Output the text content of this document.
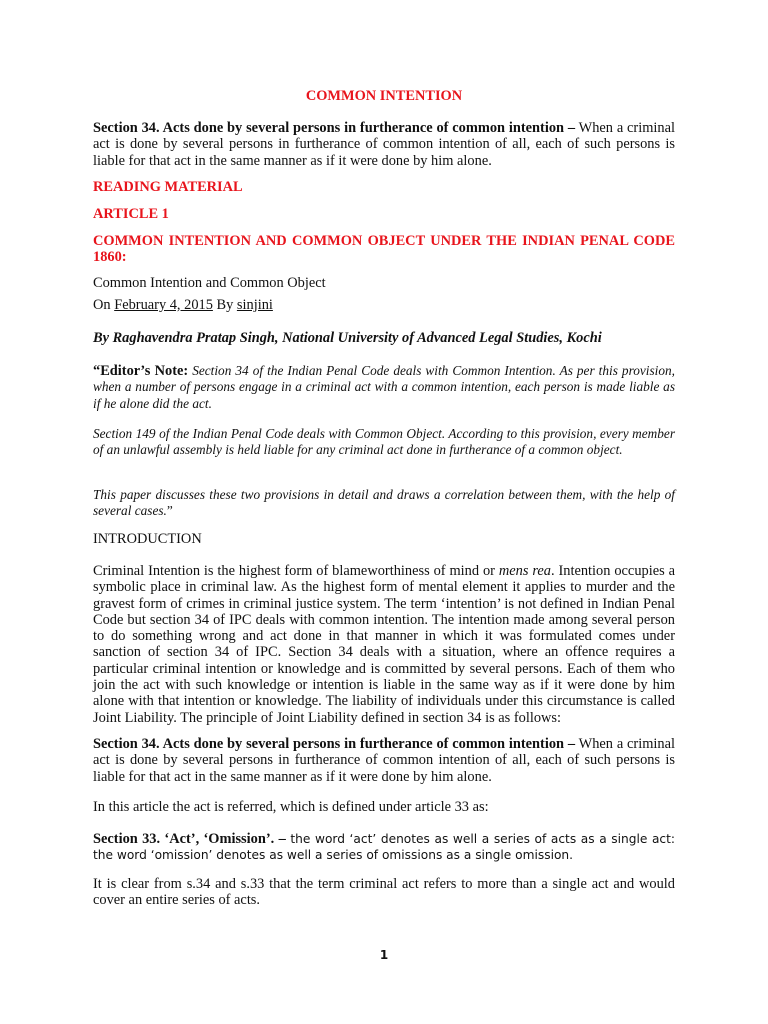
COMMON INTENTION

Section 34. Acts done by several persons in furtherance of common intention – When a criminal act is done by several persons in furtherance of common intention of all, each of such persons is liable for that act in the same manner as if it were done by him alone.

READING MATERIAL

ARTICLE 1

COMMON INTENTION AND COMMON OBJECT UNDER THE INDIAN PENAL CODE 1860:

Common Intention and Common Object

On February 4, 2015 By sinjini

By Raghavendra Pratap Singh, National University of Advanced Legal Studies, Kochi

“Editor’s Note: Section 34 of the Indian Penal Code deals with Common Intention. As per this provision, when a number of persons engage in a criminal act with a common intention, each person is made liable as if he alone did the act.

Section 149 of the Indian Penal Code deals with Common Object. According to this provision, every member of an unlawful assembly is held liable for any criminal act done in furtherance of a common object.

This paper discusses these two provisions in detail and draws a correlation between them, with the help of several cases.”

INTRODUCTION

Criminal Intention is the highest form of blameworthiness of mind or mens rea. Intention occupies a symbolic place in criminal law. As the highest form of mental element it applies to murder and the gravest form of crimes in criminal justice system. The term ‘intention’ is not defined in Indian Penal Code but section 34 of IPC deals with common intention. The intention made among several person to do something wrong and act done in that manner in which it was formulated comes under sanction of section 34 of IPC. Section 34 deals with a situation, where an offence requires a particular criminal intention or knowledge and is committed by several persons. Each of them who join the act with such knowledge or intention is liable in the same way as if it were done by him alone with that intention or knowledge. The liability of individuals under this circumstance is called Joint Liability. The principle of Joint Liability defined in section 34 is as follows:

Section 34. Acts done by several persons in furtherance of common intention – When a criminal act is done by several persons in furtherance of common intention of all, each of such persons is liable for that act in the same manner as if it were done by him alone.

In this article the act is referred, which is defined under article 33 as:

Section 33. ‘Act’, ‘Omission’. – the word ‘act’ denotes as well a series of acts as a single act: the word ‘omission’ denotes as well a series of omissions as a single omission.

It is clear from s.34 and s.33 that the term criminal act refers to more than a single act and would cover an entire series of acts.

1
